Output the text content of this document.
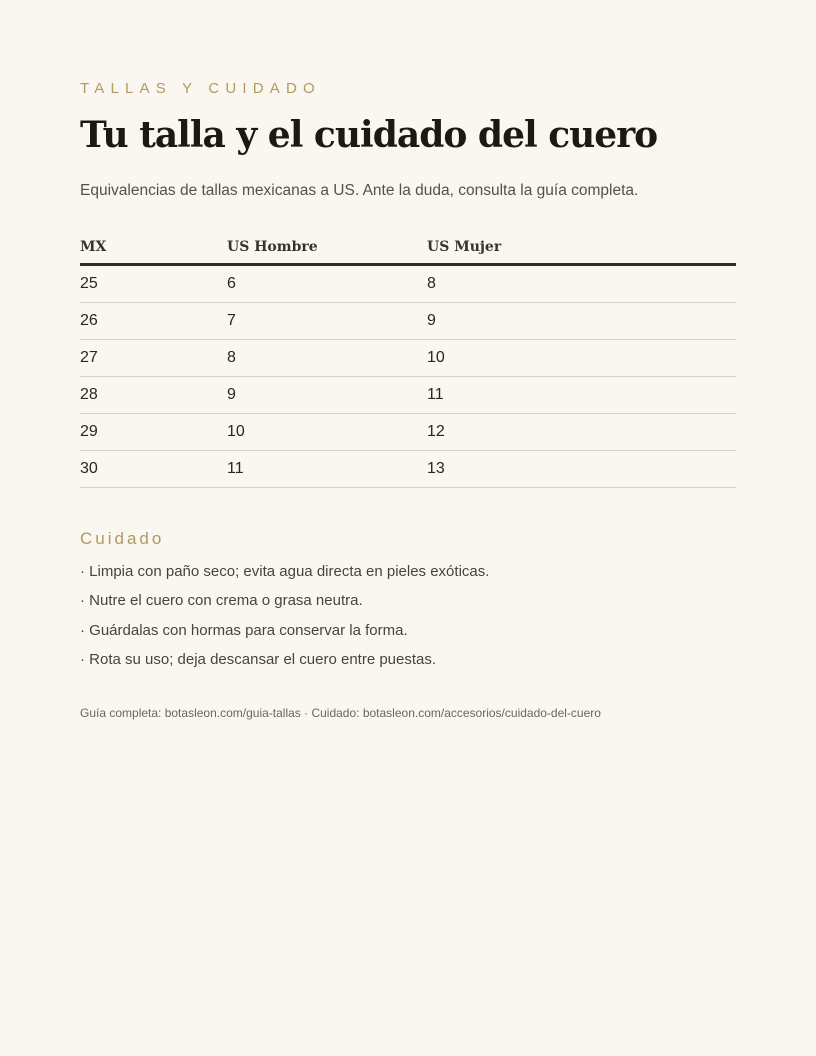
TALLAS Y CUIDADO
Tu talla y el cuidado del cuero

Equivalencias de tallas mexicanas a US. Ante la duda, consulta la guía completa.

MX	US Hombre	US Mujer
25	6	8
26	7	9
27	8	10
28	9	11
29	10	12
30	11	13
Cuidado
· Limpia con paño seco; evita agua directa en pieles exóticas.
· Nutre el cuero con crema o grasa neutra.
· Guárdalas con hormas para conservar la forma.
· Rota su uso; deja descansar el cuero entre puestas.
Guía completa: botasleon.com/guia-tallas · Cuidado: botasleon.com/accesorios/cuidado-del-cuero
